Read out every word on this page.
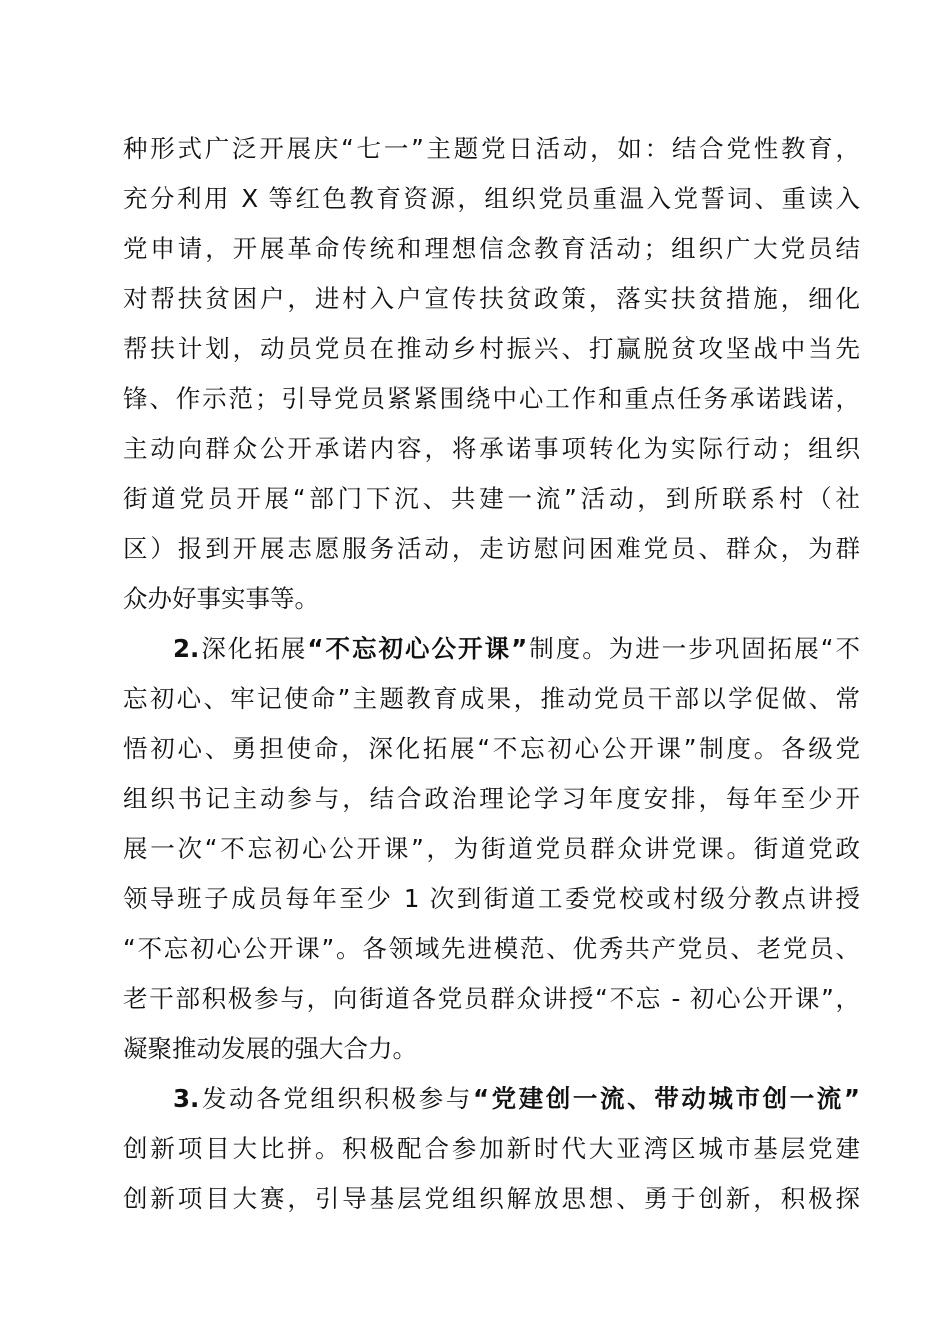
种形式广泛开展庆“七一”主题党日活动，如：结合党性教育，
充分利用 X 等红色教育资源，组织党员重温入党誓词、重读入
党申请，开展革命传统和理想信念教育活动；组织广大党员结
对帮扶贫困户，进村入户宣传扶贫政策，落实扶贫措施，细化
帮扶计划，动员党员在推动乡村振兴、打赢脱贫攻坚战中当先
锋、作示范；引导党员紧紧围绕中心工作和重点任务承诺践诺，
主动向群众公开承诺内容，将承诺事项转化为实际行动；组织
街道党员开展“部门下沉、共建一流”活动，到所联系村（社
区）报到开展志愿服务活动，走访慰问困难党员、群众，为群
众办好事实事等。
2.深化拓展“不忘初心公开课”制度。为进一步巩固拓展“不
忘初心、牢记使命”主题教育成果，推动党员干部以学促做、常
悟初心、勇担使命，深化拓展“不忘初心公开课”制度。各级党
组织书记主动参与，结合政治理论学习年度安排，每年至少开
展一次“不忘初心公开课”，为街道党员群众讲党课。街道党政
领导班子成员每年至少 1 次到街道工委党校或村级分教点讲授
“不忘初心公开课”。各领域先进模范、优秀共产党员、老党员、
老干部积极参与，向街道各党员群众讲授“不忘 - 初心公开课”，
凝聚推动发展的强大合力。
3.发动各党组织积极参与“党建创一流、带动城市创一流”
创新项目大比拼。积极配合参加新时代大亚湾区城市基层党建
创新项目大赛，引导基层党组织解放思想、勇于创新，积极探
